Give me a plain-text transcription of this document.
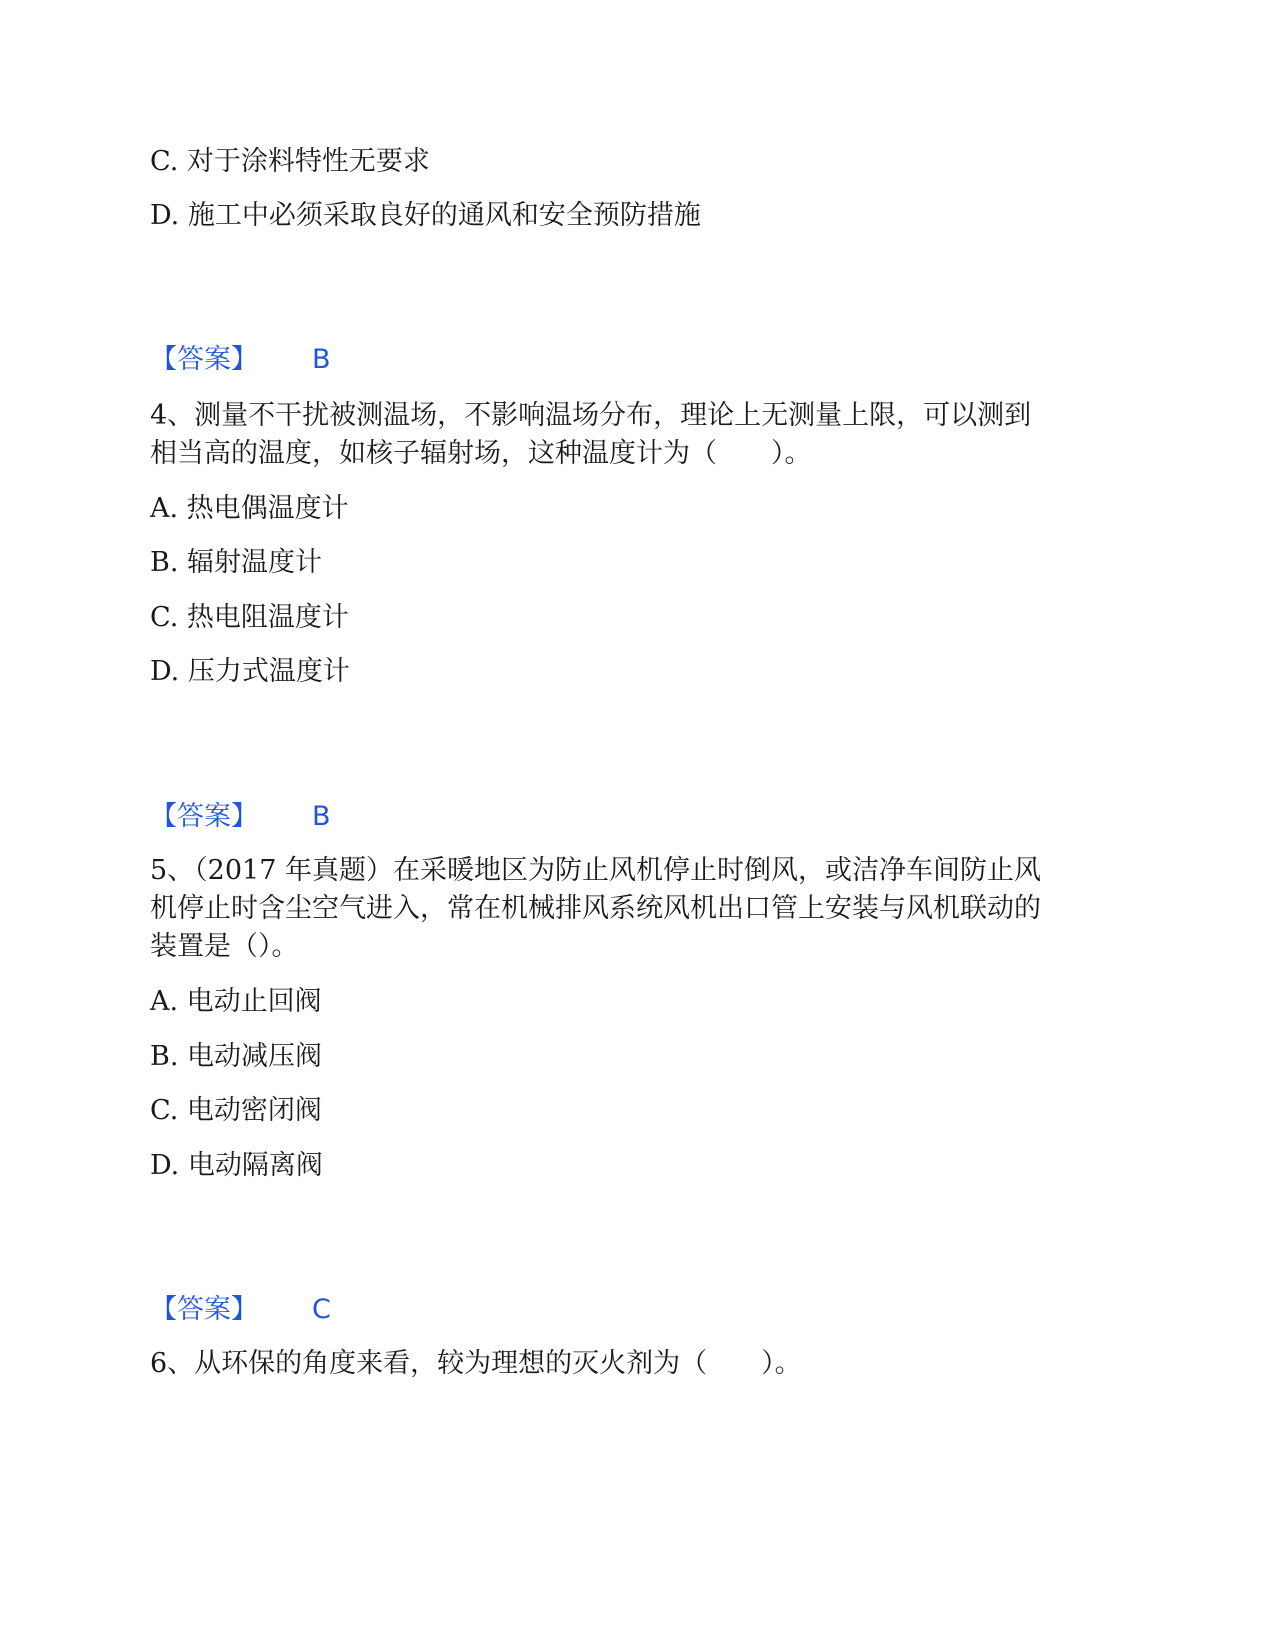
C. 对于涂料特性无要求
D. 施工中必须采取良好的通风和安全预防措施
【答案】 B
4、测量不干扰被测温场，不影响温场分布，理论上无测量上限，可以测到
相当高的温度，如核子辐射场，这种温度计为（　　）。
A. 热电偶温度计
B. 辐射温度计
C. 热电阻温度计
D. 压力式温度计
【答案】 B
5、（2017 年真题）在采暖地区为防止风机停止时倒风，或洁净车间防止风
机停止时含尘空气进入，常在机械排风系统风机出口管上安装与风机联动的
装置是（）。
A. 电动止回阀
B. 电动减压阀
C. 电动密闭阀
D. 电动隔离阀
【答案】 C
6、从环保的角度来看，较为理想的灭火剂为（　　）。
